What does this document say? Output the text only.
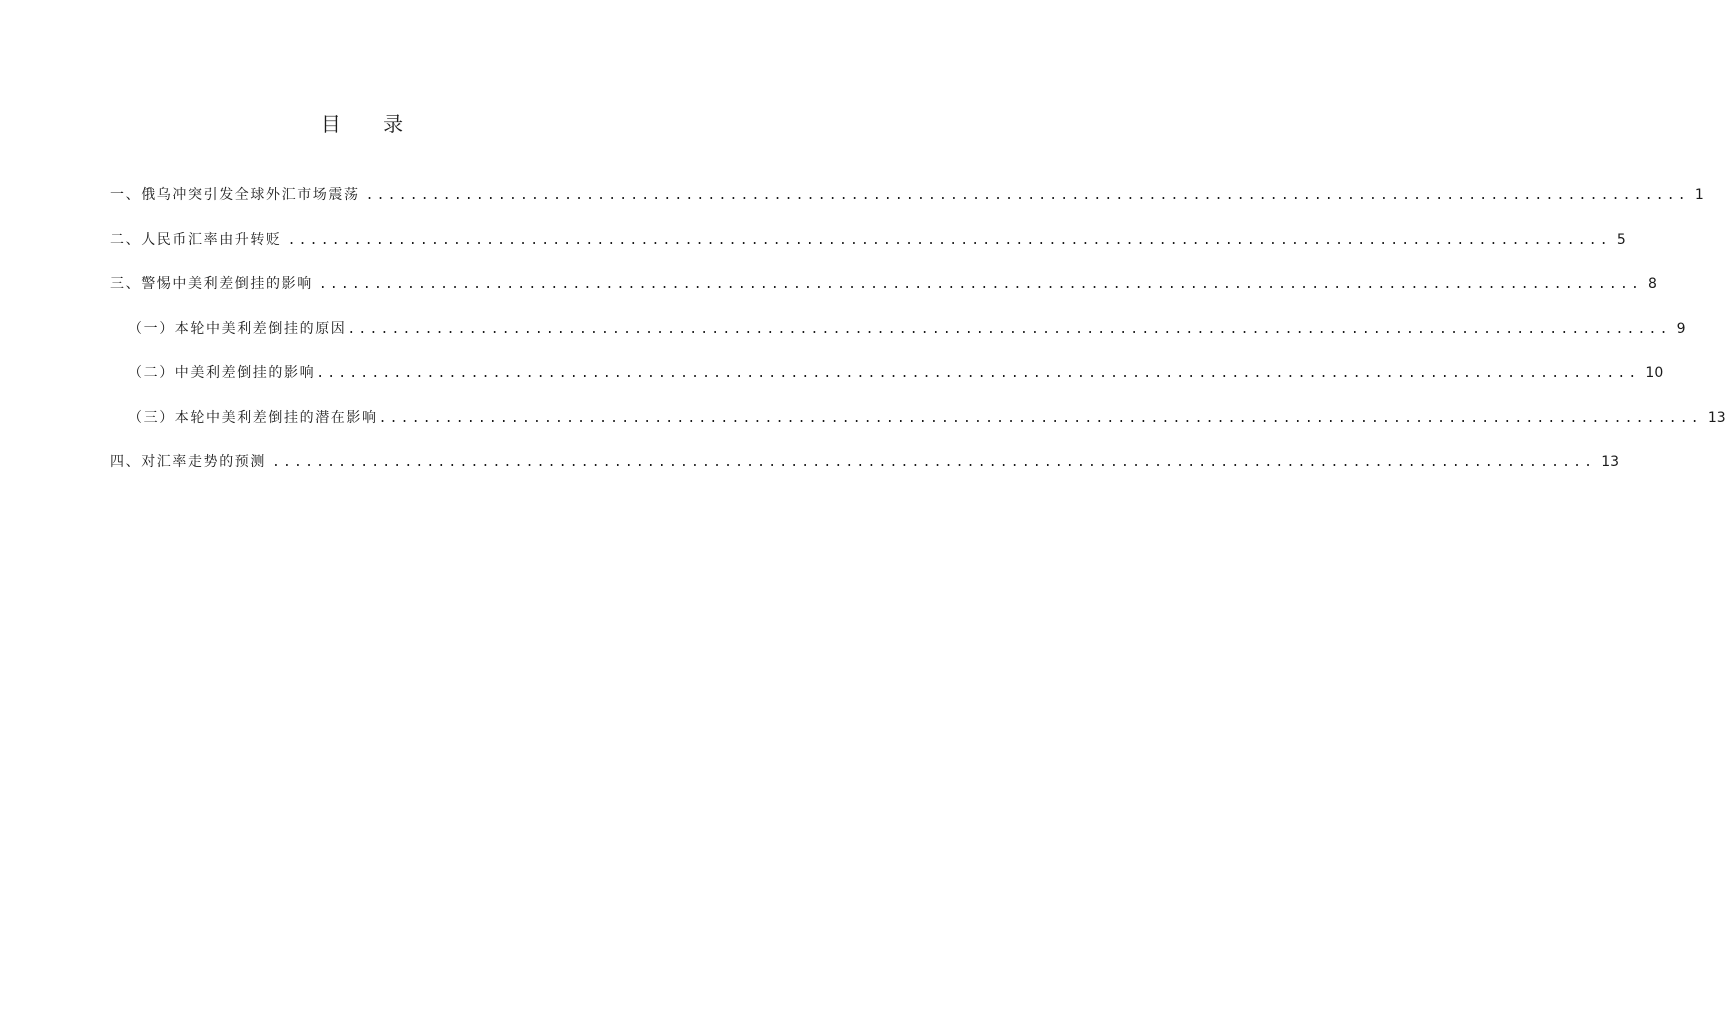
目 录
一、俄乌冲突引发全球外汇市场震荡 ........................................................................................................................ 1
二、人民币汇率由升转贬 ........................................................................................................................ 5
三、警惕中美利差倒挂的影响 ........................................................................................................................ 8
（一）本轮中美利差倒挂的原因 ........................................................................................................................ 9
（二）中美利差倒挂的影响 ........................................................................................................................ 10
（三）本轮中美利差倒挂的潜在影响 ........................................................................................................................ 13
四、对汇率走势的预测 ........................................................................................................................ 13
